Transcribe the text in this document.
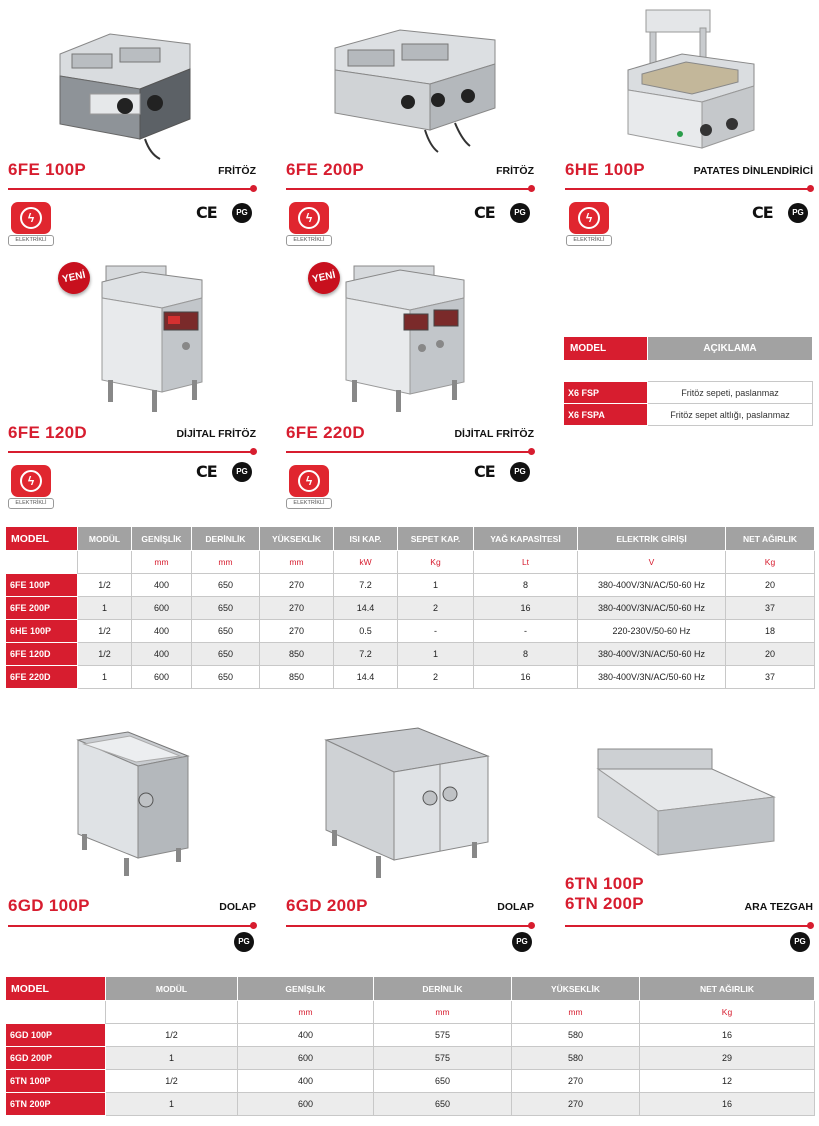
6FE 100P	FRİTÖZ
ϟ
ELEKTRİKLİ
CE	PG
6FE 200P	FRİTÖZ
ϟ
ELEKTRİKLİ
CE	PG
6HE 100P	PATATES DİNLENDİRİCİ
ϟ
ELEKTRİKLİ
CE	PG
YENİ
6FE 120D	DİJİTAL FRİTÖZ
ϟ
ELEKTRİKLİ
CE	PG
YENİ
6FE 220D	DİJİTAL FRİTÖZ
ϟ
ELEKTRİKLİ
CE	PG
MODEL	AÇIKLAMA

X6 FSP	Fritöz sepeti, paslanmaz
X6 FSPA	Fritöz sepet altlığı, paslanmaz
MODEL	MODÜL	GENİŞLİK	DERİNLİK	YÜKSEKLİK	ISI KAP.	SEPET KAP.	YAĞ KAPASİTESİ	ELEKTRİK GİRİŞİ	NET AĞIRLIK
		mm	mm	mm	kW	Kg	Lt	V	Kg
6FE 100P	1/2	400	650	270	7.2	1	8	380-400V/3N/AC/50-60 Hz	20
6FE 200P	1	600	650	270	14.4	2	16	380-400V/3N/AC/50-60 Hz	37
6HE 100P	1/2	400	650	270	0.5	-	-	220-230V/50-60 Hz	18
6FE 120D	1/2	400	650	850	7.2	1	8	380-400V/3N/AC/50-60 Hz	20
6FE 220D	1	600	650	850	14.4	2	16	380-400V/3N/AC/50-60 Hz	37
6GD 100P	DOLAP
PG
6GD 200P	DOLAP
PG
6TN 100P
6TN 200P	ARA TEZGAH
PG
MODEL	MODÜL	GENİŞLİK	DERİNLİK	YÜKSEKLİK	NET AĞIRLIK
		mm	mm	mm	Kg
6GD 100P	1/2	400	575	580	16
6GD 200P	1	600	575	580	29
6TN 100P	1/2	400	650	270	12
6TN 200P	1	600	650	270	16
